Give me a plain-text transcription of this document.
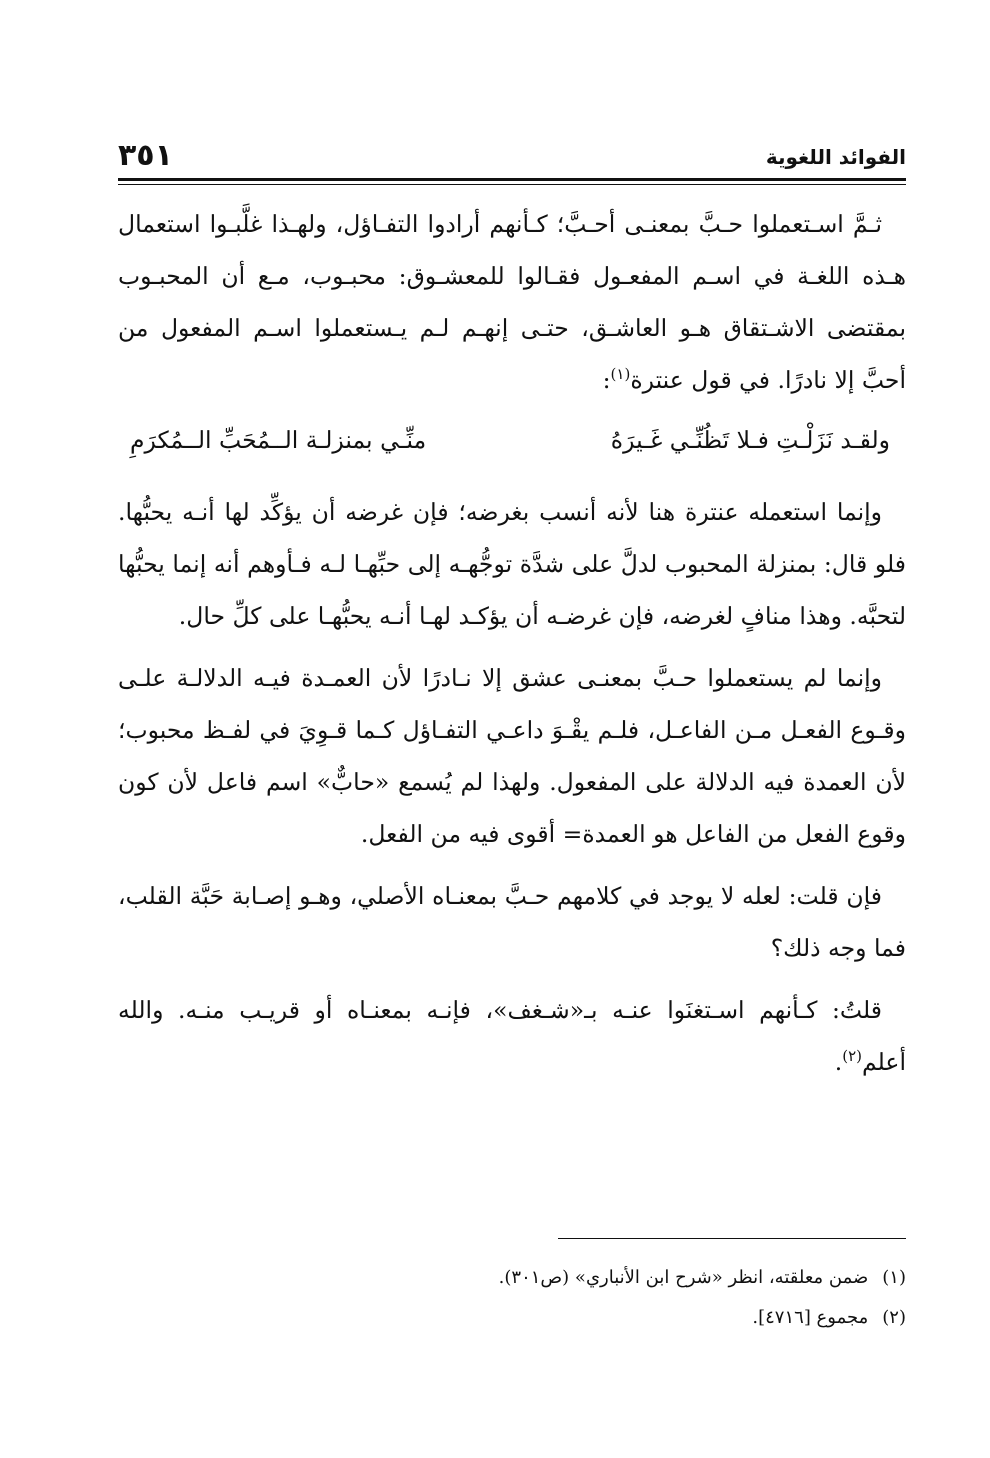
الفوائد اللغوية
٣٥١

ثـمَّ اسـتعملوا حـبَّ بمعنـى أحـبَّ؛ كـأنهم أرادوا التفـاؤل، ولهـذا غلَّبـوا استعمال هـذه اللغـة في اسـم المفعـول فقـالوا للمعشـوق: محبـوب، مـع أن المحبـوب بمقتضى الاشـتقاق هـو العاشـق، حتـى إنهـم لـم يـستعملوا اسـم المفعول من أحبَّ إلا نادرًا. في قول عنترة$^{(١)}$:

ولقـد نَزَلْـتِ فـلا تَظُنِّـي غَـيرَهُ
منِّـي بمنزلـة الــمُحَبِّ الــمُكرَمِ

وإنما استعمله عنترة هنا لأنه أنسب بغرضه؛ فإن غرضه أن يؤكِّد لها أنـه يحبُّها. فلو قال: بمنزلة المحبوب لدلَّ على شدَّة توجُّهـه إلى حبِّهـا لـه فـأوهم أنه إنما يحبُّها لتحبَّه. وهذا منافٍ لغرضه، فإن غرضـه أن يؤكـد لهـا أنـه يحبُّهـا على كلِّ حال.

وإنما لم يستعملوا حـبَّ بمعنـى عشق إلا نـادرًا لأن العمـدة فيـه الدلالـة علـى وقـوع الفعـل مـن الفاعـل، فلـم يقْـوَ داعـي التفـاؤل كـما قـوِيَ في لفـظ محبوب؛ لأن العمدة فيه الدلالة على المفعول. ولهذا لم يُسمع «حابٌّ» اسم فاعل لأن كون وقوع الفعل من الفاعل هو العمدة= أقوى فيه من الفعل.

فإن قلت: لعله لا يوجد في كلامهم حـبَّ بمعنـاه الأصلي، وهـو إصـابة حَبَّة القلب، فما وجه ذلك؟

قلتُ: كـأنهم اسـتغنَوا عنـه بـ«شـغف»، فإنـه بمعنـاه أو قريـب منـه. والله أعلم$^{(٢)}$.

(١)ضمن معلقته، انظر «شرح ابن الأنباري» (ص٣٠١).
(٢)مجموع [٤٧١٦].
